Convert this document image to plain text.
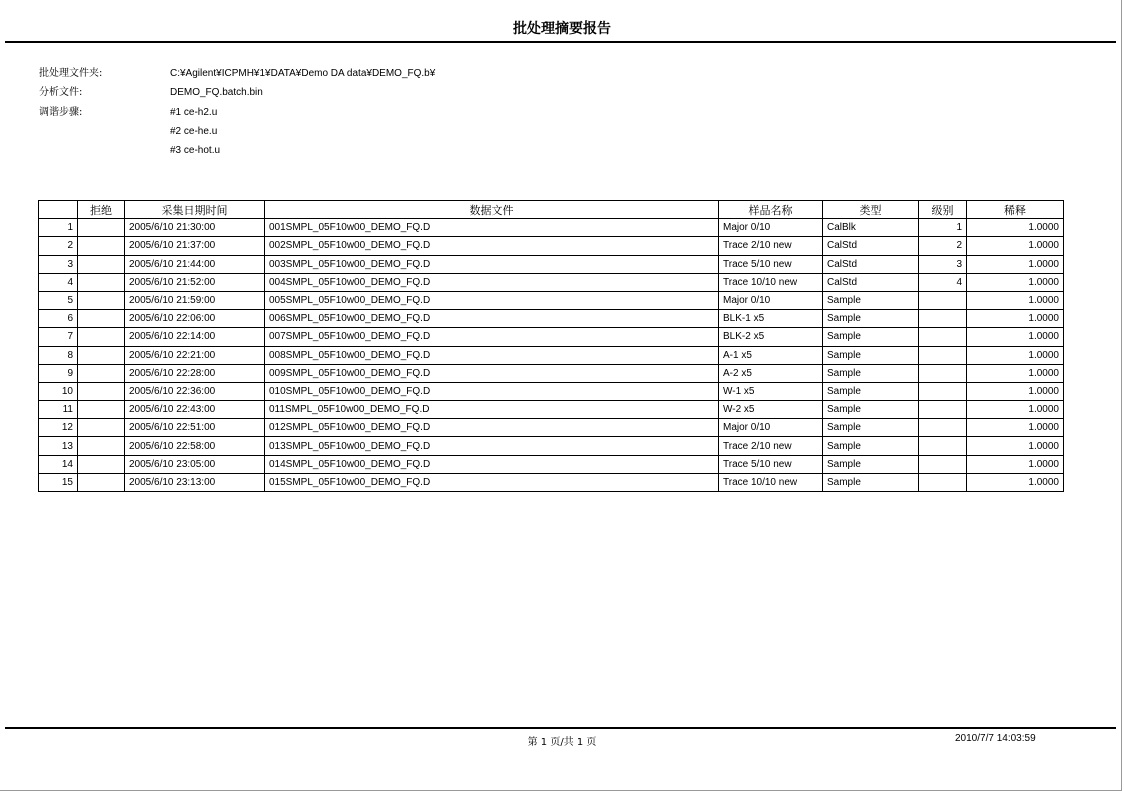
批处理摘要报告
批处理文件夹:	C:¥Agilent¥ICPMH¥1¥DATA¥Demo DA data¥DEMO_FQ.b¥
分析文件:	DEMO_FQ.batch.bin
调谐步骤:	#1 ce-h2.u
#2 ce-he.u
#3 ce-hot.u
	拒绝	采集日期时间	数据文件	样品名称	类型	级别	稀释
1		2005/6/10 21:30:00	001SMPL_05F10w00_DEMO_FQ.D	Major 0/10	CalBlk	1	1.0000
2		2005/6/10 21:37:00	002SMPL_05F10w00_DEMO_FQ.D	Trace 2/10 new	CalStd	2	1.0000
3		2005/6/10 21:44:00	003SMPL_05F10w00_DEMO_FQ.D	Trace 5/10 new	CalStd	3	1.0000
4		2005/6/10 21:52:00	004SMPL_05F10w00_DEMO_FQ.D	Trace 10/10 new	CalStd	4	1.0000
5		2005/6/10 21:59:00	005SMPL_05F10w00_DEMO_FQ.D	Major 0/10	Sample		1.0000
6		2005/6/10 22:06:00	006SMPL_05F10w00_DEMO_FQ.D	BLK-1 x5	Sample		1.0000
7		2005/6/10 22:14:00	007SMPL_05F10w00_DEMO_FQ.D	BLK-2 x5	Sample		1.0000
8		2005/6/10 22:21:00	008SMPL_05F10w00_DEMO_FQ.D	A-1 x5	Sample		1.0000
9		2005/6/10 22:28:00	009SMPL_05F10w00_DEMO_FQ.D	A-2 x5	Sample		1.0000
10		2005/6/10 22:36:00	010SMPL_05F10w00_DEMO_FQ.D	W-1 x5	Sample		1.0000
11		2005/6/10 22:43:00	011SMPL_05F10w00_DEMO_FQ.D	W-2 x5	Sample		1.0000
12		2005/6/10 22:51:00	012SMPL_05F10w00_DEMO_FQ.D	Major 0/10	Sample		1.0000
13		2005/6/10 22:58:00	013SMPL_05F10w00_DEMO_FQ.D	Trace 2/10 new	Sample		1.0000
14		2005/6/10 23:05:00	014SMPL_05F10w00_DEMO_FQ.D	Trace 5/10 new	Sample		1.0000
15		2005/6/10 23:13:00	015SMPL_05F10w00_DEMO_FQ.D	Trace 10/10 new	Sample		1.0000
第 1 页/共 1 页	2010/7/7 14:03:59
